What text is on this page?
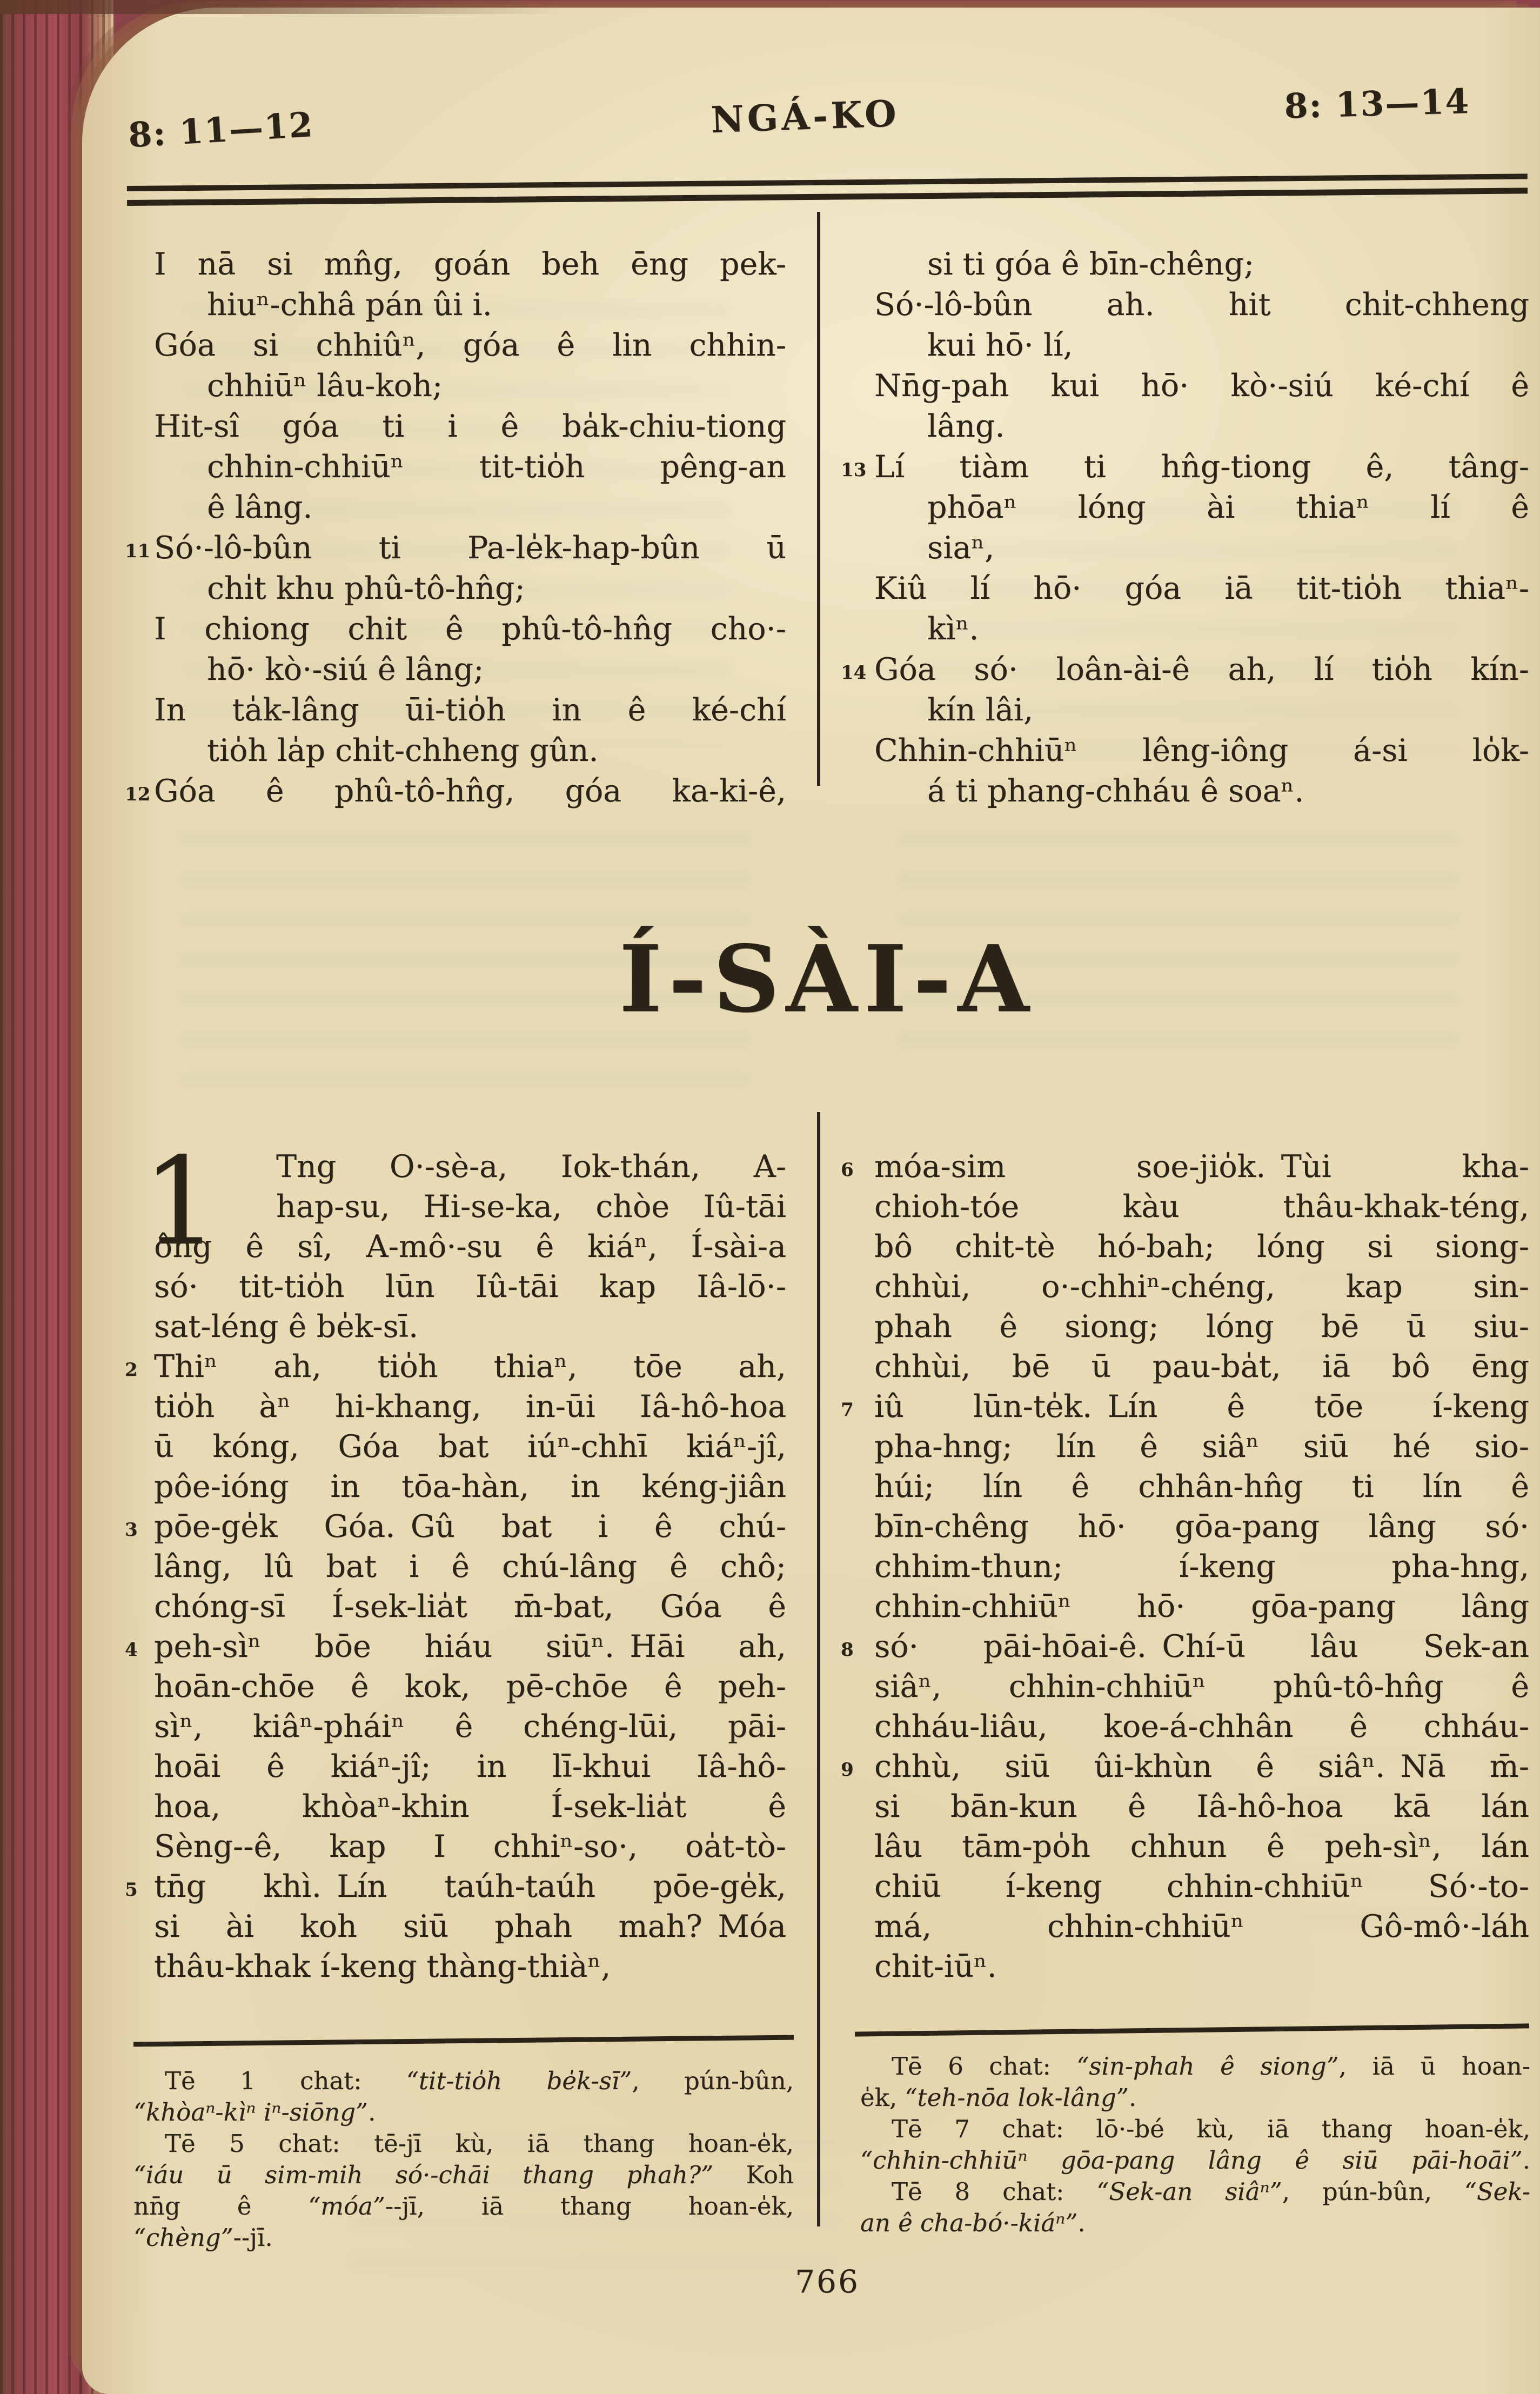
8: 11—12	NGÁ-KO	8: 13—14
I nā si mn̂g, goán beh ēng pek-
hiuⁿ-chhâ pán ûi i.
Góa si chhiûⁿ, góa ê lin chhin-
chhiūⁿ lâu-koh;
Hit-sî góa ti i ê ba̍k-chiu-tiong
chhin-chhiūⁿ tit-tio̍h pêng-an
ê lâng.
11 Só·-lô-bûn ti Pa-le̍k-hap-bûn ū
chi̍t khu phû-tô-hn̂g;
I chiong chit ê phû-tô-hn̂g cho·-
hō· kò·-siú ê lâng;
In ta̍k-lâng ūi-tio̍h in ê ké-chí
tio̍h la̍p chi̍t-chheng gûn.
12 Góa ê phû-tô-hn̂g, góa ka-ki-ê,
si ti góa ê bīn-chêng;
Só·-lô-bûn ah. hit chi̍t-chheng
kui hō· lí,
Nn̄g-pah kui hō· kò·-siú ké-chí ê
lâng.
13 Lí tiàm ti hn̂g-tiong ê, tâng-
phōaⁿ lóng ài thiaⁿ lí ê
siaⁿ,
Kiû lí hō· góa iā tit-tio̍h thiaⁿ-
kìⁿ.
14 Góa só· loân-ài-ê ah, lí tio̍h kín-
kín lâi,
Chhin-chhiūⁿ lêng-iông á-si lo̍k-
á ti phang-chháu ê soaⁿ.
Í-SÀI-A
1	Tng O·-sè-a, Iok-thán, A-
hap-su, Hi-se-ka, chòe Iû-tāi
ông ê sî, A-mô·-su ê kiáⁿ, Í-sài-a
só· tit-tio̍h lūn Iû-tāi kap Iâ-lō·-
sat-léng ê be̍k-sī.
2 Thiⁿ ah, tio̍h thiaⁿ, tōe ah,
tio̍h àⁿ hi-khang, in-ūi Iâ-hô-hoa
ū kóng, Góa bat iúⁿ-chhī kiáⁿ-jî,
pôe-ióng in tōa-hàn, in kéng-jiân
3 pōe-ge̍k Góa. Gû bat i ê chú-
lâng, lû bat i ê chú-lâng ê chô;
chóng-sī Í-sek-lia̍t m̄-bat, Góa ê
4 peh-sìⁿ bōe hiáu siūⁿ. Hāi ah,
hoān-chōe ê kok, pē-chōe ê peh-
sìⁿ, kiâⁿ-pháiⁿ ê chéng-lūi, pāi-
hoāi ê kiáⁿ-jî; in lī-khui Iâ-hô-
hoa, khòaⁿ-khin Í-sek-lia̍t ê
Sèng--ê, kap I chhiⁿ-so·, oa̍t-tò-
5 tn̄g khì. Lín taúh-taúh pōe-ge̍k,
si ài koh siū phah mah? Móa
thâu-khak í-keng thàng-thiàⁿ,
6 móa-sim soe-jio̍k. Tùi kha-
chioh-tóe kàu thâu-khak-téng,
bô chi̍t-tè hó-bah; lóng si siong-
chhùi, o·-chhiⁿ-chéng, kap sin-
phah ê siong; lóng bē ū siu-
chhùi, bē ū pau-ba̍t, iā bô ēng
7 iû lūn-te̍k. Lín ê tōe í-keng
pha-hng; lín ê siâⁿ siū hé sio-
húi; lín ê chhân-hn̂g ti lín ê
bīn-chêng hō· gōa-pang lâng só·
chhim-thun; í-keng pha-hng,
chhin-chhiūⁿ hō· gōa-pang lâng
8 só· pāi-hōai-ê. Chí-ū lâu Sek-an
siâⁿ, chhin-chhiūⁿ phû-tô-hn̂g ê
chháu-liâu, koe-á-chhân ê chháu-
9 chhù, siū ûi-khùn ê siâⁿ. Nā m̄-
si bān-kun ê Iâ-hô-hoa kā lán
lâu tām-po̍h chhun ê peh-sìⁿ, lán
chiū í-keng chhin-chhiūⁿ Só·-to-
má, chhin-chhiūⁿ Gô-mô·-láh
chit-iūⁿ.
Tē 1 chat: “tit-tio̍h be̍k-sī”, pún-bûn,
“khòaⁿ-kìⁿ iⁿ-siōng”.
Tē 5 chat: tē-jī kù, iā thang hoan-e̍k,
“iáu ū sim-mih só·-chāi thang phah?” Koh
nn̄g ê “móa”--jī, iā thang hoan-e̍k,
“chèng”--jī.
Tē 6 chat: “sin-phah ê siong”, iā ū hoan-
e̍k, “teh-nōa lok-lâng”.
Tē 7 chat: lō·-bé kù, iā thang hoan-e̍k,
“chhin-chhiūⁿ gōa-pang lâng ê siū pāi-hoāi”.
Tē 8 chat: “Sek-an siâⁿ”, pún-bûn, “Sek-
an ê cha-bó·-kiáⁿ”.
766
